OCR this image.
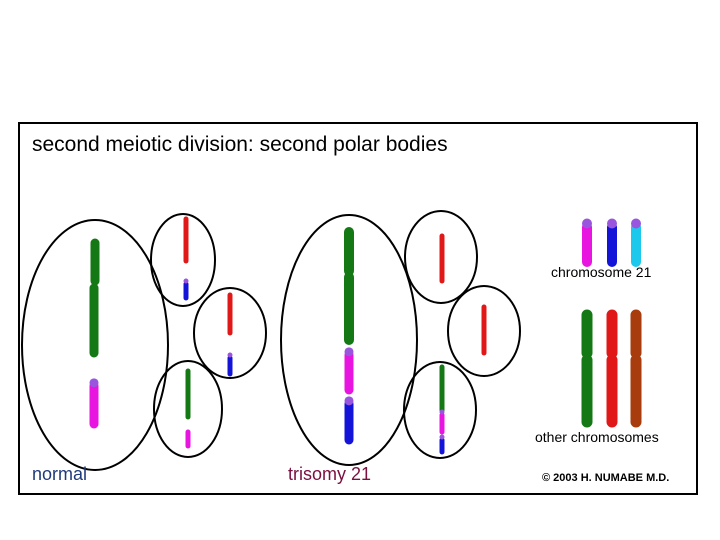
second meiotic division: second polar bodies
normal	trisomy 21
chromosome 21
other chromosomes
© 2003 H. NUMABE M.D.
